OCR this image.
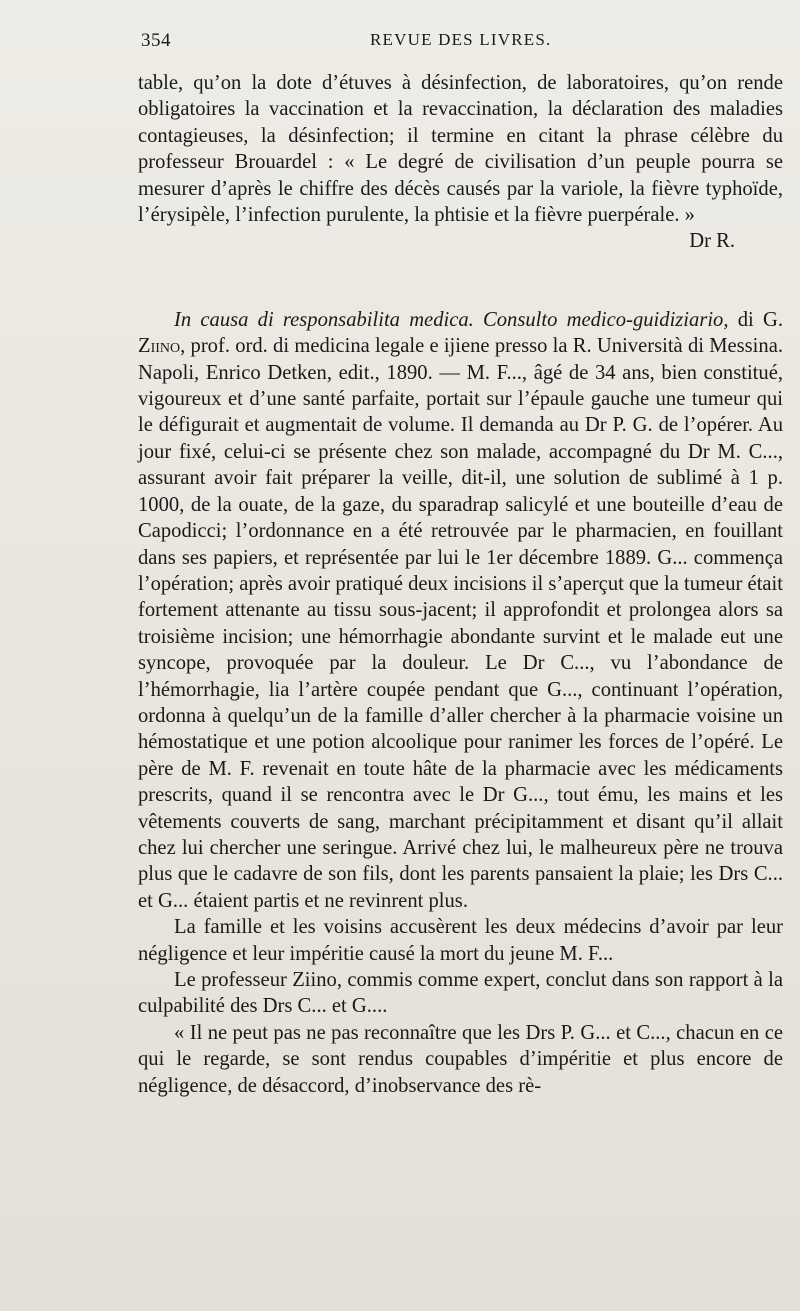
354	REVUE DES LIVRES.

table, qu’on la dote d’étuves à désinfection, de laboratoires, qu’on rende obligatoires la vaccination et la revaccination, la déclaration des maladies contagieuses, la désinfection; il termine en citant la phrase célèbre du professeur Brouardel : « Le degré de civilisation d’un peuple pourra se mesurer d’après le chiffre des décès causés par la variole, la fièvre typhoïde, l’érysipèle, l’infection purulente, la phtisie et la fièvre puerpérale. »

Dr R.

In causa di responsabilita medica. Consulto medico-guidiziario, di G. Ziino, prof. ord. di medicina legale e ijiene presso la R. Università di Messina. Napoli, Enrico Detken, edit., 1890. — M. F..., âgé de 34 ans, bien constitué, vigoureux et d’une santé parfaite, portait sur l’épaule gauche une tumeur qui le défigurait et augmentait de volume. Il demanda au Dr P. G. de l’opérer. Au jour fixé, celui-ci se présente chez son malade, accompagné du Dr M. C..., assurant avoir fait préparer la veille, dit-il, une solution de sublimé à 1 p. 1000, de la ouate, de la gaze, du sparadrap salicylé et une bouteille d’eau de Capodicci; l’ordonnance en a été retrouvée par le pharmacien, en fouillant dans ses papiers, et représentée par lui le 1er décembre 1889. G... commença l’opération; après avoir pratiqué deux incisions il s’aperçut que la tumeur était fortement attenante au tissu sous-jacent; il approfondit et prolongea alors sa troisième incision; une hémorrhagie abondante survint et le malade eut une syncope, provoquée par la douleur. Le Dr C..., vu l’abondance de l’hémorrhagie, lia l’artère coupée pendant que G..., continuant l’opération, ordonna à quelqu’un de la famille d’aller chercher à la pharmacie voisine un hémostatique et une potion alcoolique pour ranimer les forces de l’opéré. Le père de M. F. revenait en toute hâte de la pharmacie avec les médicaments prescrits, quand il se rencontra avec le Dr G..., tout ému, les mains et les vêtements couverts de sang, marchant précipitamment et disant qu’il allait chez lui chercher une seringue. Arrivé chez lui, le malheureux père ne trouva plus que le cadavre de son fils, dont les parents pansaient la plaie; les Drs C... et G... étaient partis et ne revinrent plus.

La famille et les voisins accusèrent les deux médecins d’avoir par leur négligence et leur impéritie causé la mort du jeune M. F...

Le professeur Ziino, commis comme expert, conclut dans son rapport à la culpabilité des Drs C... et G....

« Il ne peut pas ne pas reconnaître que les Drs P. G... et C..., chacun en ce qui le regarde, se sont rendus coupables d’impéritie et plus encore de négligence, de désaccord, d’inobservance des rè-
